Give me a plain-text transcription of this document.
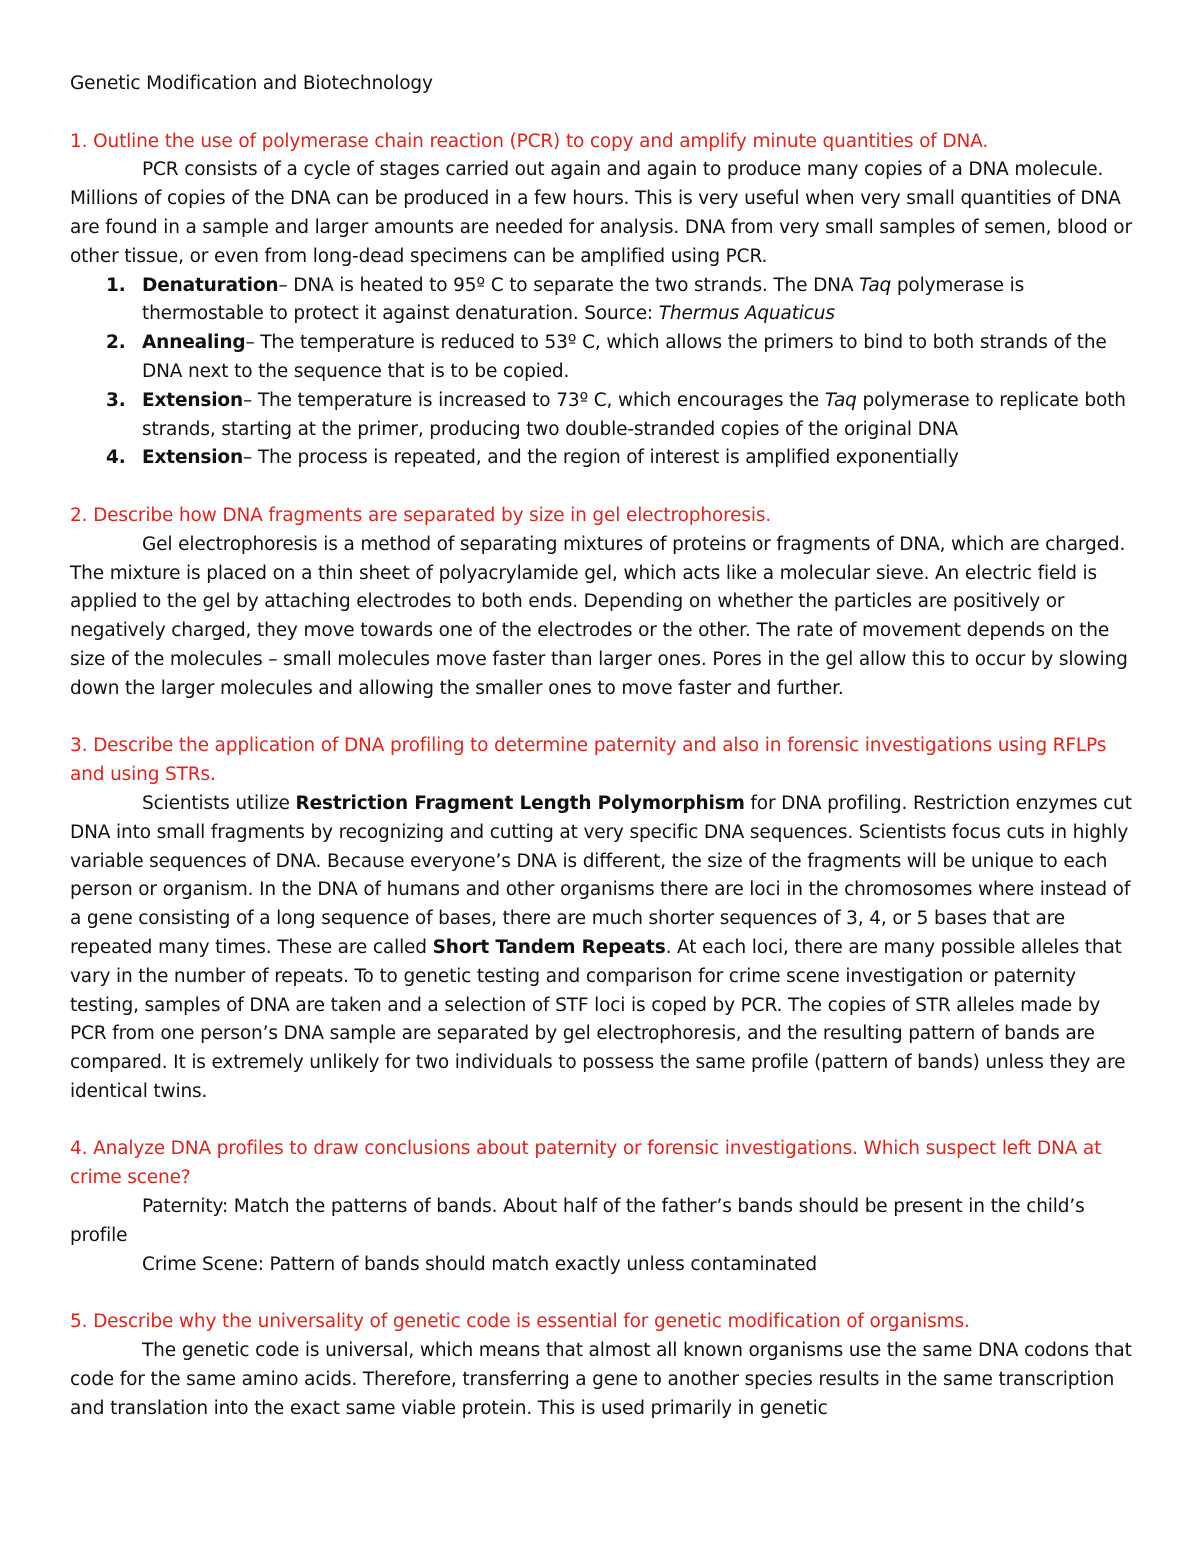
Genetic Modification and Biotechnology

1. Outline the use of polymerase chain reaction (PCR) to copy and amplify minute quantities of DNA.

PCR consists of a cycle of stages carried out again and again to produce many copies of a DNA molecule. Millions of copies of the DNA can be produced in a few hours. This is very useful when very small quantities of DNA are found in a sample and larger amounts are needed for analysis. DNA from very small samples of semen, blood or other tissue, or even from long-dead specimens can be amplified using PCR.

1. Denaturation– DNA is heated to 95º C to separate the two strands. The DNA Taq polymerase is thermostable to protect it against denaturation. Source: Thermus Aquaticus
2. Annealing– The temperature is reduced to 53º C, which allows the primers to bind to both strands of the DNA next to the sequence that is to be copied.
3. Extension– The temperature is increased to 73º C, which encourages the Taq polymerase to replicate both strands, starting at the primer, producing two double-stranded copies of the original DNA
4. Extension– The process is repeated, and the region of interest is amplified exponentially

2. Describe how DNA fragments are separated by size in gel electrophoresis.

Gel electrophoresis is a method of separating mixtures of proteins or fragments of DNA, which are charged. The mixture is placed on a thin sheet of polyacrylamide gel, which acts like a molecular sieve. An electric field is applied to the gel by attaching electrodes to both ends. Depending on whether the particles are positively or negatively charged, they move towards one of the electrodes or the other. The rate of movement depends on the size of the molecules – small molecules move faster than larger ones. Pores in the gel allow this to occur by slowing down the larger molecules and allowing the smaller ones to move faster and further.

3. Describe the application of DNA profiling to determine paternity and also in forensic investigations using RFLPs and using STRs.

Scientists utilize Restriction Fragment Length Polymorphism for DNA profiling. Restriction enzymes cut DNA into small fragments by recognizing and cutting at very specific DNA sequences. Scientists focus cuts in highly variable sequences of DNA. Because everyone’s DNA is different, the size of the fragments will be unique to each person or organism. In the DNA of humans and other organisms there are loci in the chromosomes where instead of a gene consisting of a long sequence of bases, there are much shorter sequences of 3, 4, or 5 bases that are repeated many times. These are called Short Tandem Repeats. At each loci, there are many possible alleles that vary in the number of repeats. To to genetic testing and comparison for crime scene investigation or paternity testing, samples of DNA are taken and a selection of STF loci is coped by PCR. The copies of STR alleles made by PCR from one person’s DNA sample are separated by gel electrophoresis, and the resulting pattern of bands are compared. It is extremely unlikely for two individuals to possess the same profile (pattern of bands) unless they are identical twins.

4. Analyze DNA profiles to draw conclusions about paternity or forensic investigations. Which suspect left DNA at crime scene?

Paternity: Match the patterns of bands. About half of the father’s bands should be present in the child’s profile

Crime Scene: Pattern of bands should match exactly unless contaminated

5. Describe why the universality of genetic code is essential for genetic modification of organisms.

The genetic code is universal, which means that almost all known organisms use the same DNA codons that code for the same amino acids. Therefore, transferring a gene to another species results in the same transcription and translation into the exact same viable protein. This is used primarily in genetic
